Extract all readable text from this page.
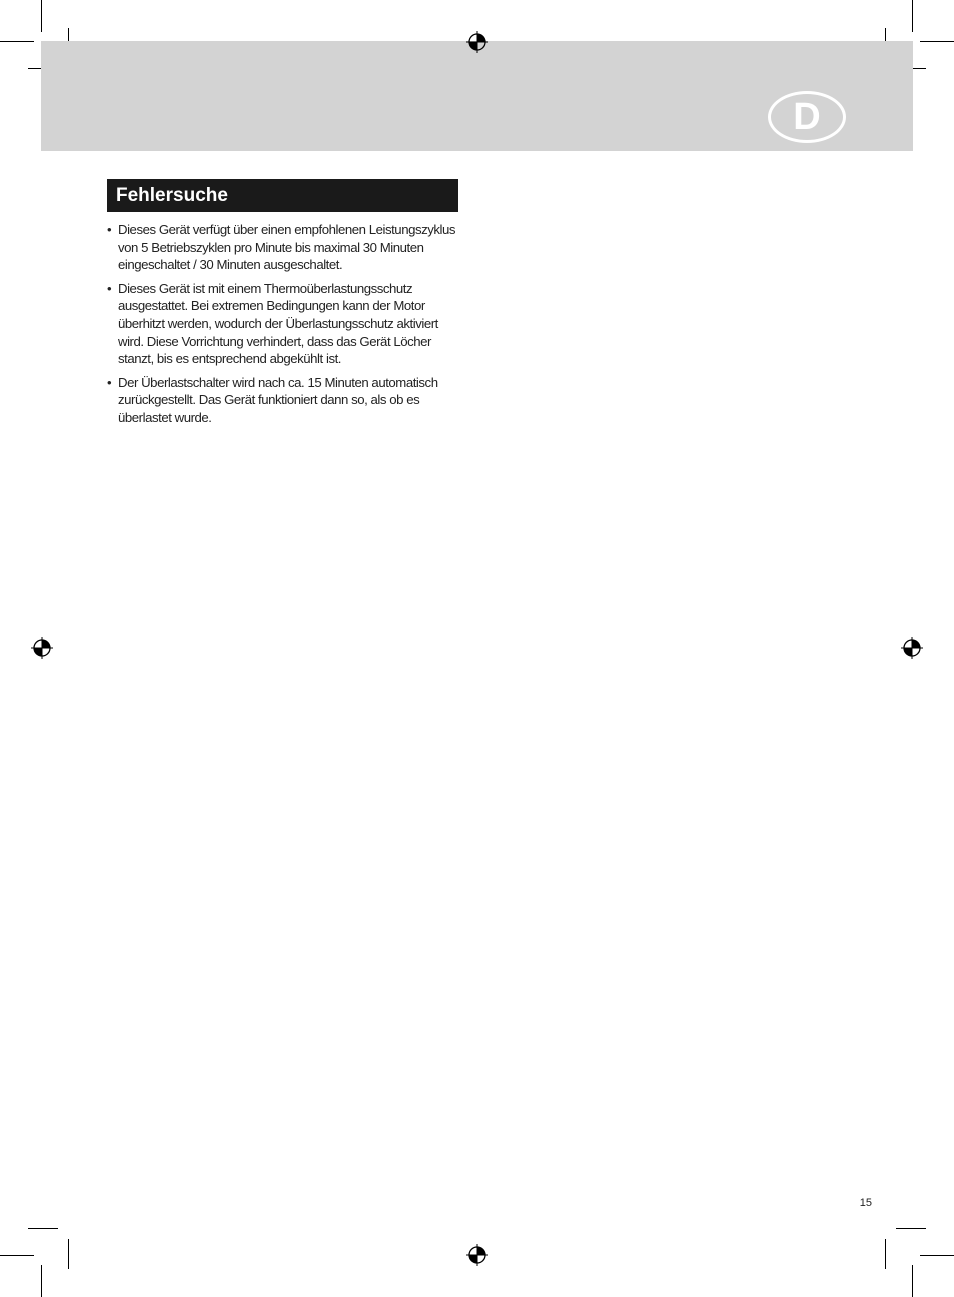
D
Fehlersuche
• Dieses Gerät verfügt über einen empfohlenen Leistungszyklus von 5 Betriebszyklen pro Minute bis maximal 30 Minuten eingeschaltet / 30 Minuten ausgeschaltet.
• Dieses Gerät ist mit einem Thermoüberlastungsschutz ausgestattet. Bei extremen Bedingungen kann der Motor überhitzt werden, wodurch der Überlastungsschutz aktiviert wird. Diese Vorrichtung verhindert, dass das Gerät Löcher stanzt, bis es entsprechend abgekühlt ist.
• Der Überlastschalter wird nach ca. 15 Minuten automatisch zurückgestellt. Das Gerät funktioniert dann so, als ob es überlastet wurde.
15
